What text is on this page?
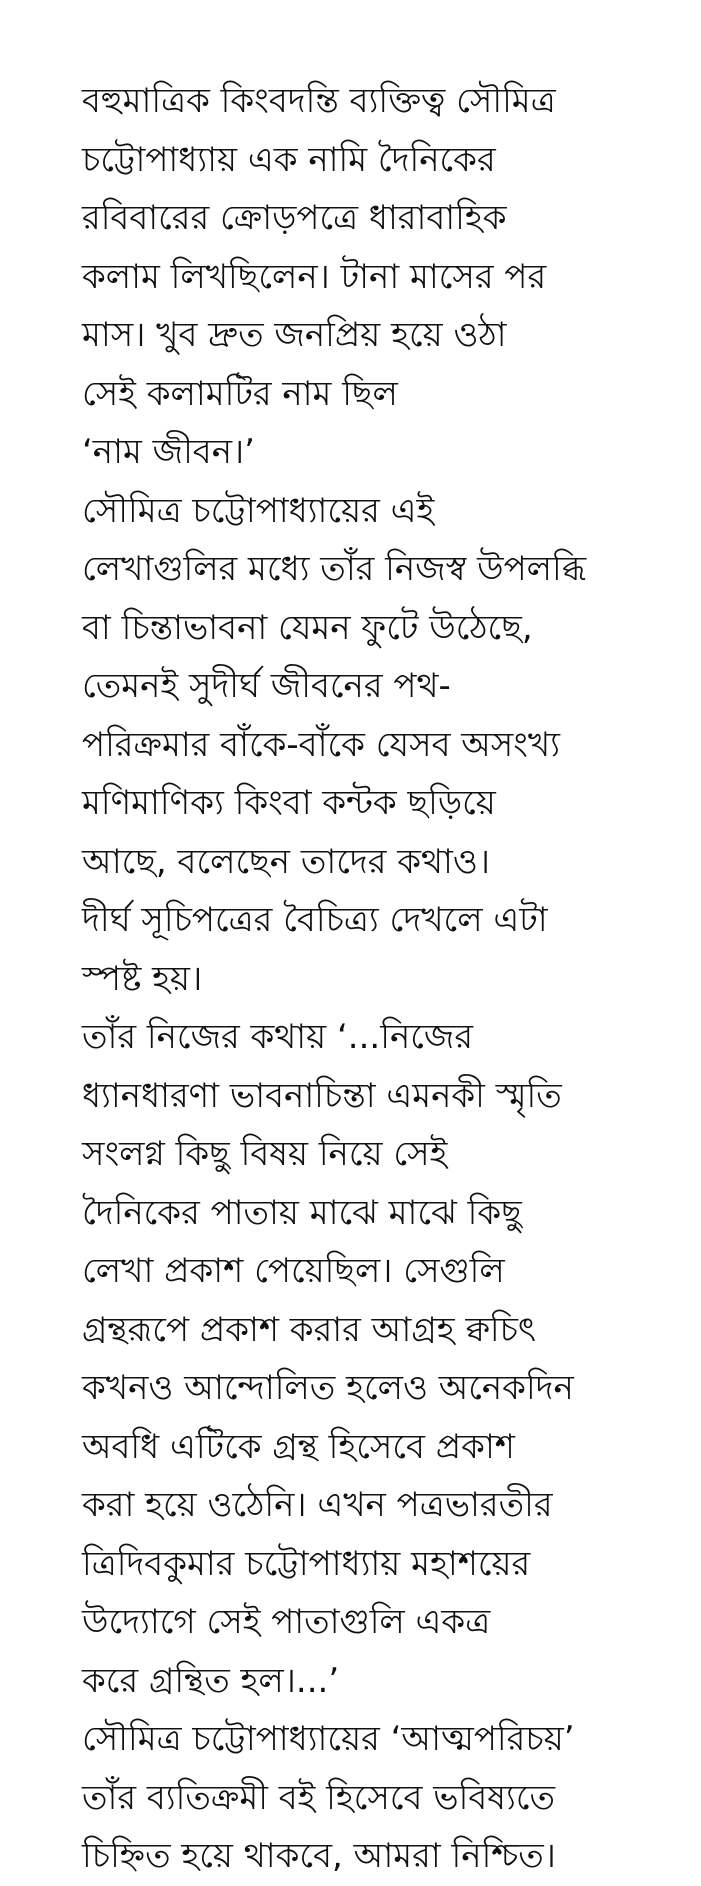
বহুমাত্রিক কিংবদন্তি ব্যক্তিত্ব সৌমিত্র
চট্টোপাধ্যায় এক নামি দৈনিকের
রবিবারের ক্রোড়পত্রে ধারাবাহিক
কলাম লিখছিলেন। টানা মাসের পর
মাস। খুব দ্রুত জনপ্রিয় হয়ে ওঠা
সেই কলামটির নাম ছিল
‘নাম জীবন।’
সৌমিত্র চট্টোপাধ্যায়ের এই
লেখাগুলির মধ্যে তাঁর নিজস্ব উপলব্ধি
বা চিন্তাভাবনা যেমন ফুটে উঠেছে,
তেমনই সুদীর্ঘ জীবনের পথ-
পরিক্রমার বাঁকে-বাঁকে যেসব অসংখ্য
মণিমাণিক্য কিংবা কন্টক ছড়িয়ে
আছে, বলেছেন তাদের কথাও।
দীর্ঘ সূচিপত্রের বৈচিত্র্য দেখলে এটা
স্পষ্ট হয়।
তাঁর নিজের কথায় ‘...নিজের
ধ্যানধারণা ভাবনাচিন্তা এমনকী স্মৃতি
সংলগ্ন কিছু বিষয় নিয়ে সেই
দৈনিকের পাতায় মাঝে মাঝে কিছু
লেখা প্রকাশ পেয়েছিল। সেগুলি
গ্রন্থরূপে প্রকাশ করার আগ্রহ ক্বচিৎ
কখনও আন্দোলিত হলেও অনেকদিন
অবধি এটিকে গ্রন্থ হিসেবে প্রকাশ
করা হয়ে ওঠেনি। এখন পত্রভারতীর
ত্রিদিবকুমার চট্টোপাধ্যায় মহাশয়ের
উদ্যোগে সেই পাতাগুলি একত্র
করে গ্রন্থিত হল।...’
সৌমিত্র চট্টোপাধ্যায়ের ‘আত্মপরিচয়’
তাঁর ব্যতিক্রমী বই হিসেবে ভবিষ্যতে
চিহ্নিত হয়ে থাকবে, আমরা নিশ্চিত।
